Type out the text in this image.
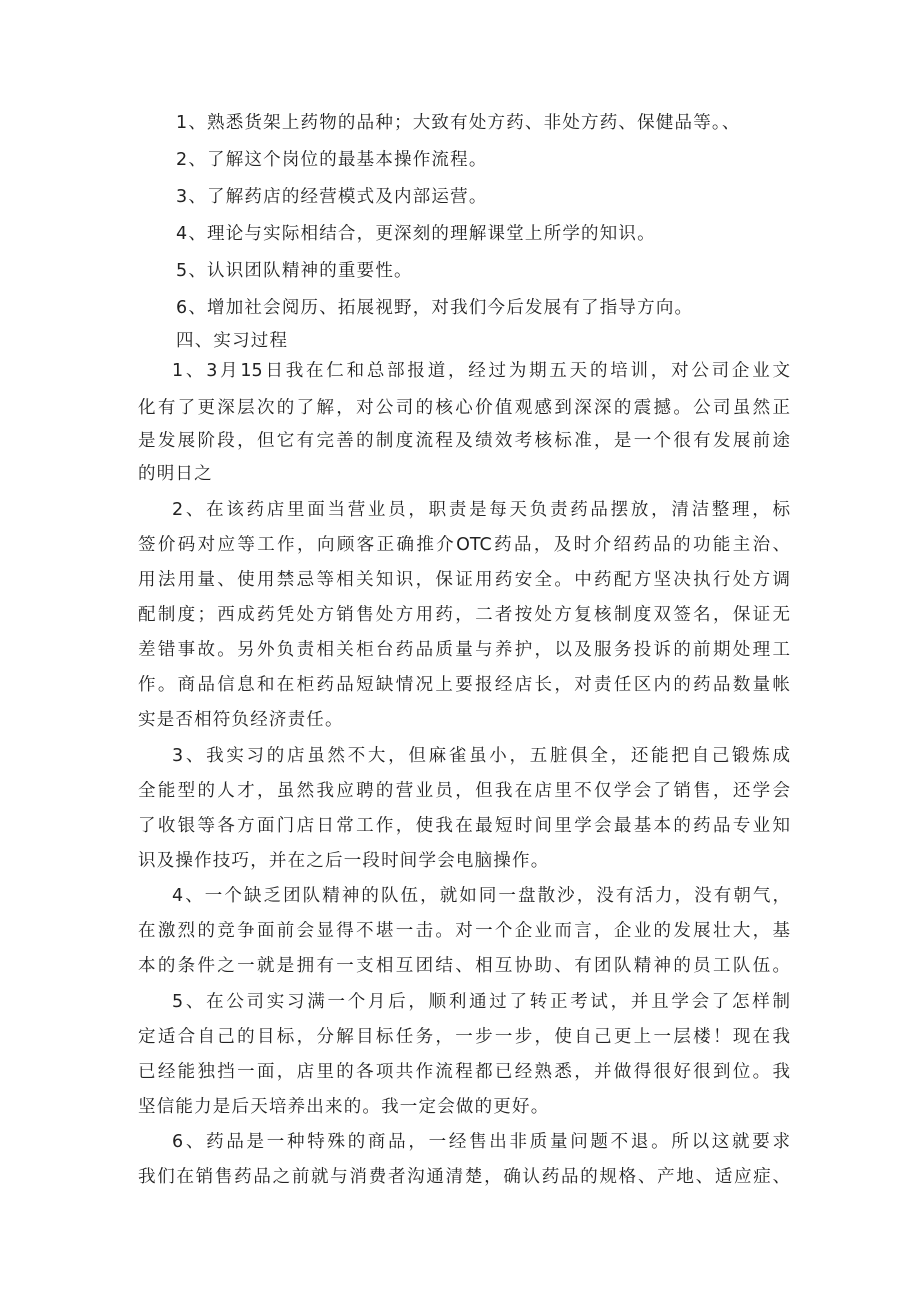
1、熟悉货架上药物的品种；大致有处方药、非处方药、保健品等。、
2、了解这个岗位的最基本操作流程。
3、了解药店的经营模式及内部运营。
4、理论与实际相结合，更深刻的理解课堂上所学的知识。
5、认识团队精神的重要性。
6、增加社会阅历、拓展视野，对我们今后发展有了指导方向。
四、实习过程
1、3月15日我在仁和总部报道，经过为期五天的培训，对公司企业文
化有了更深层次的了解，对公司的核心价值观感到深深的震撼。公司虽然正
是发展阶段，但它有完善的制度流程及绩效考核标准，是一个很有发展前途
的明日之
2、在该药店里面当营业员，职责是每天负责药品摆放，清洁整理，标
签价码对应等工作，向顾客正确推介OTC药品，及时介绍药品的功能主治、
用法用量、使用禁忌等相关知识，保证用药安全。中药配方坚决执行处方调
配制度；西成药凭处方销售处方用药，二者按处方复核制度双签名，保证无
差错事故。另外负责相关柜台药品质量与养护，以及服务投诉的前期处理工
作。商品信息和在柜药品短缺情况上要报经店长，对责任区内的药品数量帐
实是否相符负经济责任。
3、我实习的店虽然不大，但麻雀虽小，五脏俱全，还能把自己锻炼成
全能型的人才，虽然我应聘的营业员，但我在店里不仅学会了销售，还学会
了收银等各方面门店日常工作，使我在最短时间里学会最基本的药品专业知
识及操作技巧，并在之后一段时间学会电脑操作。
4、一个缺乏团队精神的队伍，就如同一盘散沙，没有活力，没有朝气，
在激烈的竞争面前会显得不堪一击。对一个企业而言，企业的发展壮大，基
本的条件之一就是拥有一支相互团结、相互协助、有团队精神的员工队伍。
5、在公司实习满一个月后，顺利通过了转正考试，并且学会了怎样制
定适合自己的目标，分解目标任务，一步一步，使自己更上一层楼！现在我
已经能独挡一面，店里的各项共作流程都已经熟悉，并做得很好很到位。我
坚信能力是后天培养出来的。我一定会做的更好。
6、药品是一种特殊的商品，一经售出非质量问题不退。所以这就要求
我们在销售药品之前就与消费者沟通清楚，确认药品的规格、产地、适应症、
